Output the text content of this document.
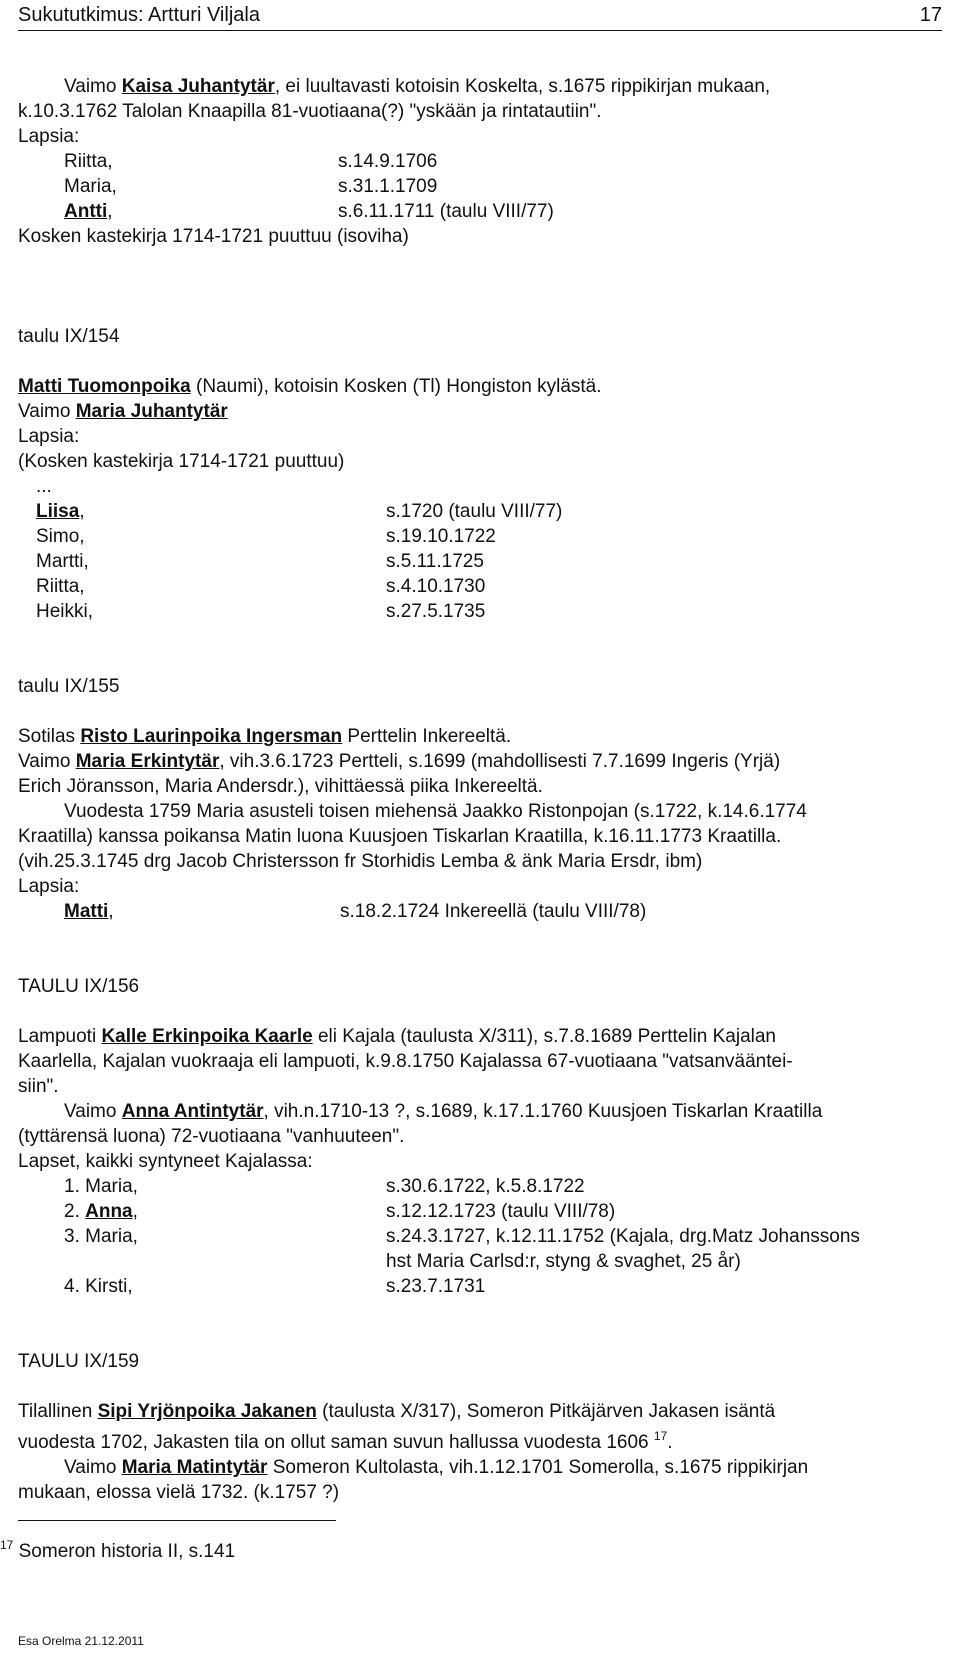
Sukututkimus: Artturi Viljala	17

Vaimo Kaisa Juhantytär, ei luultavasti kotoisin Koskelta, s.1675 rippikirjan mukaan,

k.10.3.1762 Talolan Knaapilla 81-vuotiaana(?) "yskään ja rintatautiin".

Lapsia:

Riitta,	s.14.9.1706
Maria,	s.31.1.1709
Antti,	s.6.11.1711 (taulu VIII/77)

Kosken kastekirja 1714-1721 puuttuu (isoviha)

taulu IX/154

Matti Tuomonpoika (Naumi), kotoisin Kosken (Tl) Hongiston kylästä.

Vaimo Maria Juhantytär

Lapsia:

(Kosken kastekirja 1714-1721 puuttuu)

...

Liisa,	s.1720 (taulu VIII/77)
Simo,	s.19.10.1722
Martti,	s.5.11.1725
Riitta,	s.4.10.1730
Heikki,	s.27.5.1735

taulu IX/155

Sotilas Risto Laurinpoika Ingersman Perttelin Inkereeltä.

Vaimo Maria Erkintytär, vih.3.6.1723 Pertteli, s.1699 (mahdollisesti 7.7.1699 Ingeris (Yrjä)

Erich Jöransson, Maria Andersdr.), vihittäessä piika Inkereeltä.

Vuodesta 1759 Maria asusteli toisen miehensä Jaakko Ristonpojan (s.1722, k.14.6.1774

Kraatilla) kanssa poikansa Matin luona Kuusjoen Tiskarlan Kraatilla, k.16.11.1773 Kraatilla.

(vih.25.3.1745 drg Jacob Christersson fr Storhidis Lemba & änk Maria Ersdr, ibm)

Lapsia:

Matti,	s.18.2.1724 Inkereellä (taulu VIII/78)

TAULU IX/156

Lampuoti Kalle Erkinpoika Kaarle eli Kajala (taulusta X/311), s.7.8.1689 Perttelin Kajalan

Kaarlella, Kajalan vuokraaja eli lampuoti, k.9.8.1750 Kajalassa 67-vuotiaana "vatsanvääntei-

siin".

Vaimo Anna Antintytär, vih.n.1710-13 ?, s.1689, k.17.1.1760 Kuusjoen Tiskarlan Kraatilla

(tyttärensä luona) 72-vuotiaana "vanhuuteen".

Lapset, kaikki syntyneet Kajalassa:

1. Maria,	s.30.6.1722, k.5.8.1722
2. Anna,	s.12.12.1723 (taulu VIII/78)
3. Maria,	s.24.3.1727, k.12.11.1752 (Kajala, drg.Matz Johanssons
hst Maria Carlsd:r, styng & svaghet, 25 år)
4. Kirsti,	s.23.7.1731

TAULU IX/159

Tilallinen Sipi Yrjönpoika Jakanen (taulusta X/317), Someron Pitkäjärven Jakasen isäntä

vuodesta 1702, Jakasten tila on ollut saman suvun hallussa vuodesta 1606 $^{17}$.

Vaimo Maria Matintytär Someron Kultolasta, vih.1.12.1701 Somerolla, s.1675 rippikirjan

mukaan, elossa vielä 1732. (k.1757 ?)

$^{17}$ Someron historia II, s.141
Esa Orelma 21.12.2011
